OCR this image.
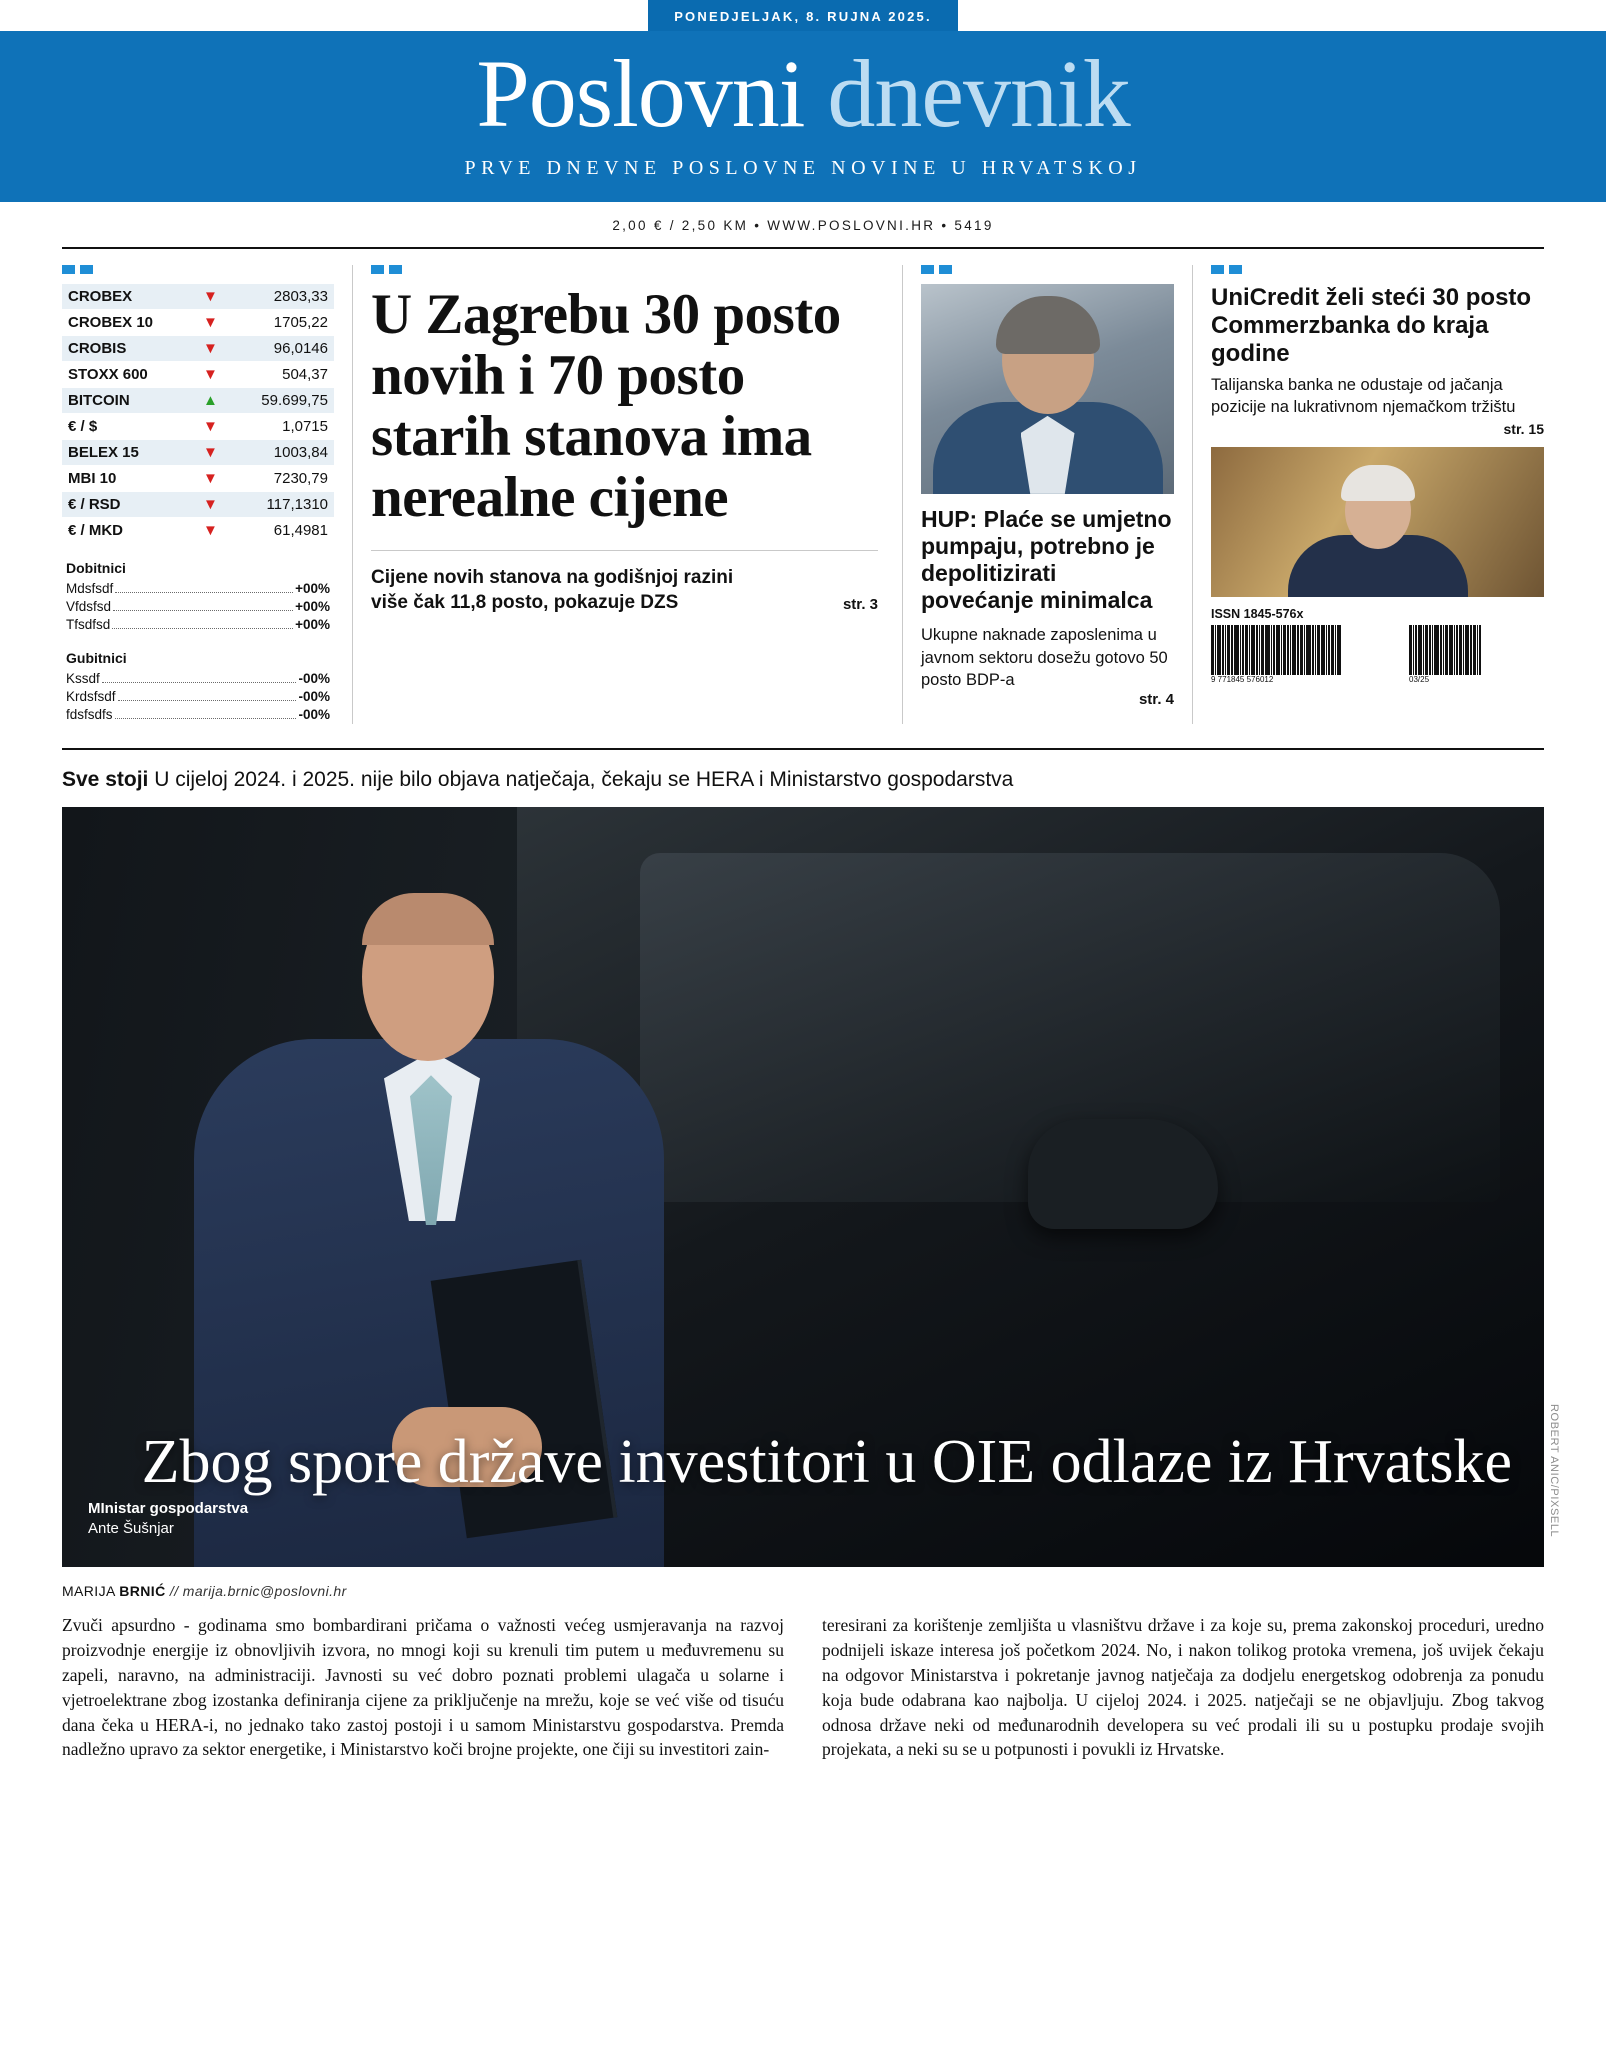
PONEDJELJAK, 8. RUJNA 2025.
Poslovni dnevnik
PRVE DNEVNE POSLOVNE NOVINE U HRVATSKOJ
2,00 € / 2,50 KM • WWW.POSLOVNI.HR • 5419
CROBEX	▼	2803,33
CROBEX 10	▼	1705,22
CROBIS	▼	96,0146
STOXX 600	▼	504,37
BITCOIN	▲	59.699,75
€ / $	▼	1,0715
BELEX 15	▼	1003,84
MBI 10	▼	7230,79
€ / RSD	▼	117,1310
€ / MKD	▼	61,4981
Dobitnici
Mdsfsdf	+00%
Vfdsfsd	+00%
Tfsdfsd	+00%
Gubitnici
Kssdf	-00%
Krdsfsdf	-00%
fdsfsdfs	-00%
U Zagrebu 30 posto novih i 70 posto starih stanova ima nerealne cijene
Cijene novih stanova na godišnjoj razini više čak 11,8 posto, pokazuje DZS	str. 3
HUP: Plaće se umjetno pumpaju, potrebno je depolitizirati povećanje minimalca
Ukupne naknade zaposlenima u javnom sektoru dosežu gotovo 50 posto BDP-a
str. 4
UniCredit želi steći 30 posto Commerzbanka do kraja godine
Talijanska banka ne odustaje od jačanja pozicije na lukrativnom njemačkom tržištu
str. 15
ISSN 1845-576x
9 771845 576012	03/25
Sve stoji U cijeloj 2024. i 2025. nije bilo objava natječaja, čekaju se HERA i Ministarstvo gospodarstva
Zbog spore države investitori u OIE odlaze iz Hrvatske
MInistar gospodarstva
Ante Šušnjar	ROBERT ANIC/PIXSELL
MARIJA BRNIĆ // marija.brnic@poslovni.hr

Zvuči apsurdno - godinama smo bombardirani pričama o važnosti većeg usmjeravanja na razvoj proizvodnje energije iz obnovljivih izvora, no mnogi koji su krenuli tim putem u međuvremenu su zapeli, naravno, na administraciji. Javnosti su već dobro poznati problemi ulagača u solarne i vjetroelektrane zbog izostanka definiranja cijene za priključenje na mrežu, koje se već više od tisuću dana čeka u HERA-i, no jednako tako zastoj postoji i u samom Ministarstvu gospodarstva. Premda nadležno upravo za sektor energetike, i Ministarstvo koči brojne projekte, one čiji su investitori zain-

teresirani za korištenje zemljišta u vlasništvu države i za koje su, prema zakonskoj proceduri, uredno podnijeli iskaze interesa još početkom 2024. No, i nakon tolikog protoka vremena, još uvijek čekaju na odgovor Ministarstva i pokretanje javnog natječaja za dodjelu energetskog odobrenja za ponudu koja bude odabrana kao najbolja. U cijeloj 2024. i 2025. natječaji se ne objavljuju. Zbog takvog odnosa države neki od međunarodnih developera su već prodali ili su u postupku prodaje svojih projekata, a neki su se u potpunosti i povukli iz Hrvatske.
